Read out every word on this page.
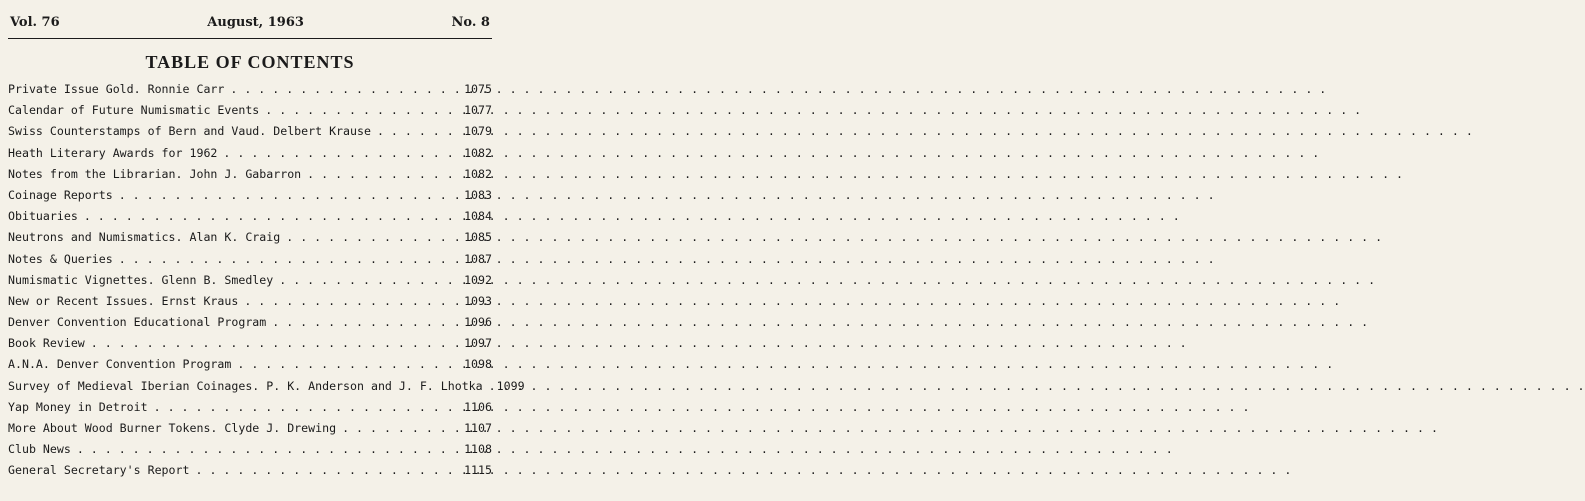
Vol. 76	August, 1963	No. 8
TABLE OF CONTENTS
Private Issue Gold. Ronnie Carr . . .	1075
Calendar of Future Numismatic Events . . .	1077
Swiss Counterstamps of Bern and Vaud. Delbert Krause . . .	1079
Heath Literary Awards for 1962 . . .	1082
Notes from the Librarian. John J. Gabarron . . .	1082
Coinage Reports . . .	1083
Obituaries . . .	1084
Neutrons and Numismatics. Alan K. Craig . . .	1085
Notes & Queries . . .	1087
Numismatic Vignettes. Glenn B. Smedley . . .	1092
New or Recent Issues. Ernst Kraus . . .	1093
Denver Convention Educational Program . . .	1096
Book Review . . .	1097
A.N.A. Denver Convention Program . . .	1098
Survey of Medieval Iberian Coinages. P. K. Anderson and J. F. Lhotka . . .	1099
Yap Money in Detroit . . .	1106
More About Wood Burner Tokens. Clyde J. Drewing . . .	1107
Club News . . .	1108
General Secretary's Report . . .	1115
